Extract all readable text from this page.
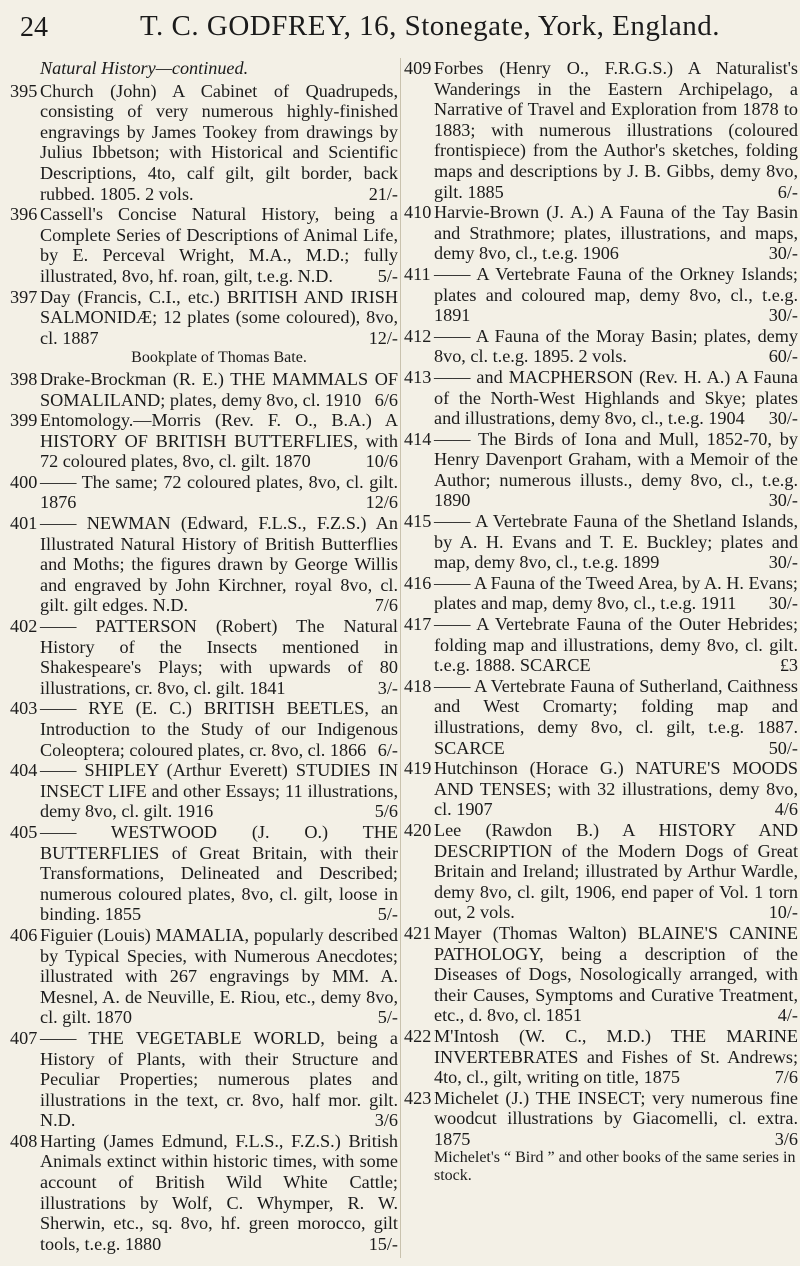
24	T. C. GODFREY, 16, Stonegate, York, England.
Natural History—continued.
395 Church (John) A Cabinet of Quadrupeds, consisting of very numerous highly-finished engravings by James Tookey from drawings by Julius Ibbetson; with Historical and Scientific Descriptions, 4to, calf gilt, gilt border, back rubbed. 1805. 2 vols.	21/-
396 Cassell's Concise Natural History, being a Complete Series of Descriptions of Animal Life, by E. Perceval Wright, M.A., M.D.; fully illustrated, 8vo, hf. roan, gilt, t.e.g. N.D. 5/-
397 Day (Francis, C.I., etc.) BRITISH AND IRISH SALMONIDÆ; 12 plates (some coloured), 8vo, cl. 1887	12/-
Bookplate of Thomas Bate.
398 Drake-Brockman (R. E.) THE MAMMALS OF SOMALILAND; plates, demy 8vo, cl. 1910 6/6
399 Entomology.—Morris (Rev. F. O., B.A.) A HISTORY OF BRITISH BUTTERFLIES, with 72 coloured plates, 8vo, cl. gilt. 1870	10/6
400 —— The same; 72 coloured plates, 8vo, cl. gilt. 1876	12/6
401 —— NEWMAN (Edward, F.L.S., F.Z.S.) An Illustrated Natural History of British Butterflies and Moths; the figures drawn by George Willis and engraved by John Kirchner, royal 8vo, cl. gilt. gilt edges. N.D.	7/6
402 —— PATTERSON (Robert) The Natural History of the Insects mentioned in Shakespeare's Plays; with upwards of 80 illustrations, cr. 8vo, cl. gilt. 1841	3/-
403 —— RYE (E. C.) BRITISH BEETLES, an Introduction to the Study of our Indigenous Coleoptera; coloured plates, cr. 8vo, cl. 1866 6/-
404 —— SHIPLEY (Arthur Everett) STUDIES IN INSECT LIFE and other Essays; 11 illustrations, demy 8vo, cl. gilt. 1916	5/6
405 —— WESTWOOD (J. O.) THE BUTTERFLIES of Great Britain, with their Transformations, Delineated and Described; numerous coloured plates, 8vo, cl. gilt, loose in binding. 1855	5/-
406 Figuier (Louis) MAMALIA, popularly described by Typical Species, with Numerous Anecdotes; illustrated with 267 engravings by MM. A. Mesnel, A. de Neuville, E. Riou, etc., demy 8vo, cl. gilt. 1870	5/-
407 —— THE VEGETABLE WORLD, being a History of Plants, with their Structure and Peculiar Properties; numerous plates and illustrations in the text, cr. 8vo, half mor. gilt. N.D.	3/6
408 Harting (James Edmund, F.L.S., F.Z.S.) British Animals extinct within historic times, with some account of British Wild White Cattle; illustrations by Wolf, C. Whymper, R. W. Sherwin, etc., sq. 8vo, hf. green morocco, gilt tools, t.e.g. 1880	15/-
409 Forbes (Henry O., F.R.G.S.) A Naturalist's Wanderings in the Eastern Archipelago, a Narrative of Travel and Exploration from 1878 to 1883; with numerous illustrations (coloured frontispiece) from the Author's sketches, folding maps and descriptions by J. B. Gibbs, demy 8vo, gilt. 1885	6/-
410 Harvie-Brown (J. A.) A Fauna of the Tay Basin and Strathmore; plates, illustrations, and maps, demy 8vo, cl., t.e.g. 1906	30/-
411 —— A Vertebrate Fauna of the Orkney Islands; plates and coloured map, demy 8vo, cl., t.e.g. 1891	30/-
412 —— A Fauna of the Moray Basin; plates, demy 8vo, cl. t.e.g. 1895. 2 vols.	60/-
413 —— and MACPHERSON (Rev. H. A.) A Fauna of the North-West Highlands and Skye; plates and illustrations, demy 8vo, cl., t.e.g. 1904 30/-
414 —— The Birds of Iona and Mull, 1852-70, by Henry Davenport Graham, with a Memoir of the Author; numerous illusts., demy 8vo, cl., t.e.g. 1890	30/-
415 —— A Vertebrate Fauna of the Shetland Islands, by A. H. Evans and T. E. Buckley; plates and map, demy 8vo, cl., t.e.g. 1899	30/-
416 —— A Fauna of the Tweed Area, by A. H. Evans; plates and map, demy 8vo, cl., t.e.g. 1911 30/-
417 —— A Vertebrate Fauna of the Outer Hebrides; folding map and illustrations, demy 8vo, cl. gilt. t.e.g. 1888. SCARCE	£3
418 —— A Vertebrate Fauna of Sutherland, Caithness and West Cromarty; folding map and illustrations, demy 8vo, cl. gilt, t.e.g. 1887. SCARCE	50/-
419 Hutchinson (Horace G.) NATURE'S MOODS AND TENSES; with 32 illustrations, demy 8vo, cl. 1907	4/6
420 Lee (Rawdon B.) A HISTORY AND DESCRIPTION of the Modern Dogs of Great Britain and Ireland; illustrated by Arthur Wardle, demy 8vo, cl. gilt, 1906, end paper of Vol. 1 torn out, 2 vols.	10/-
421 Mayer (Thomas Walton) BLAINE'S CANINE PATHOLOGY, being a description of the Diseases of Dogs, Nosologically arranged, with their Causes, Symptoms and Curative Treatment, etc., d. 8vo, cl. 1851	4/-
422 M'Intosh (W. C., M.D.) THE MARINE INVERTEBRATES and Fishes of St. Andrews; 4to, cl., gilt, writing on title, 1875	7/6
423 Michelet (J.) THE INSECT; very numerous fine woodcut illustrations by Giacomelli, cl. extra. 1875	3/6
Michelet's “ Bird ” and other books of the same series in stock.
